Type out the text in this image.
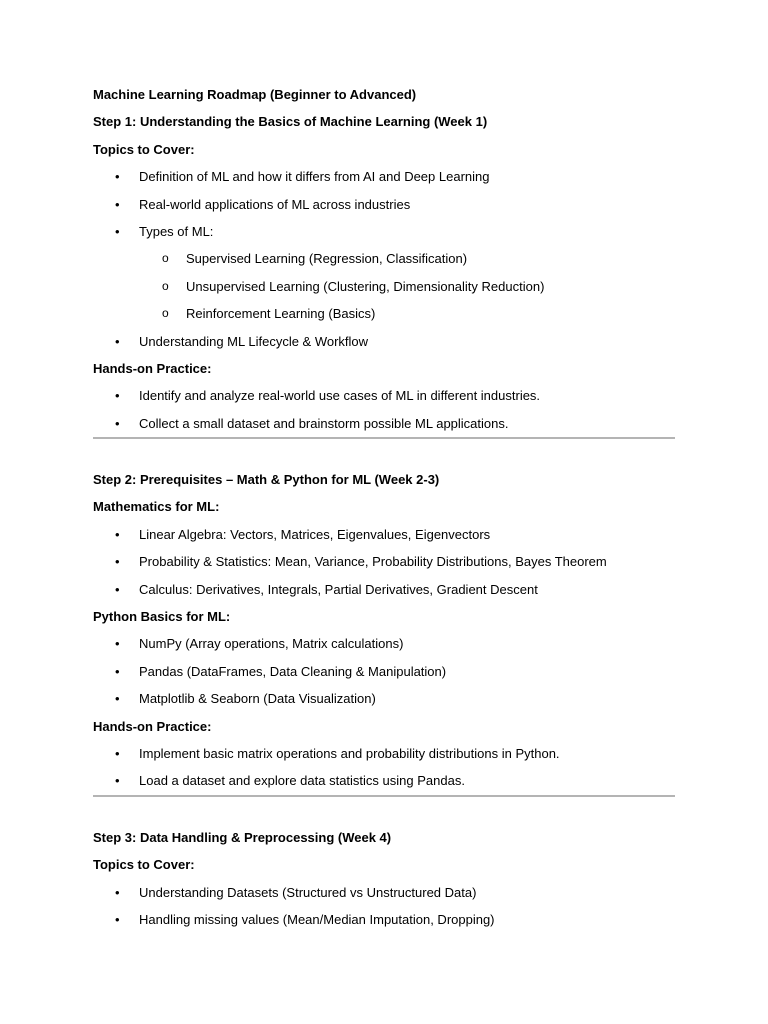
Machine Learning Roadmap (Beginner to Advanced)
Step 1: Understanding the Basics of Machine Learning (Week 1)
Topics to Cover:
• Definition of ML and how it differs from AI and Deep Learning
• Real-world applications of ML across industries
• Types of ML:
o Supervised Learning (Regression, Classification)
o Unsupervised Learning (Clustering, Dimensionality Reduction)
o Reinforcement Learning (Basics)
• Understanding ML Lifecycle & Workflow
Hands-on Practice:
• Identify and analyze real-world use cases of ML in different industries.
• Collect a small dataset and brainstorm possible ML applications.
Step 2: Prerequisites – Math & Python for ML (Week 2-3)
Mathematics for ML:
• Linear Algebra: Vectors, Matrices, Eigenvalues, Eigenvectors
• Probability & Statistics: Mean, Variance, Probability Distributions, Bayes Theorem
• Calculus: Derivatives, Integrals, Partial Derivatives, Gradient Descent
Python Basics for ML:
• NumPy (Array operations, Matrix calculations)
• Pandas (DataFrames, Data Cleaning & Manipulation)
• Matplotlib & Seaborn (Data Visualization)
Hands-on Practice:
• Implement basic matrix operations and probability distributions in Python.
• Load a dataset and explore data statistics using Pandas.
Step 3: Data Handling & Preprocessing (Week 4)
Topics to Cover:
• Understanding Datasets (Structured vs Unstructured Data)
• Handling missing values (Mean/Median Imputation, Dropping)
